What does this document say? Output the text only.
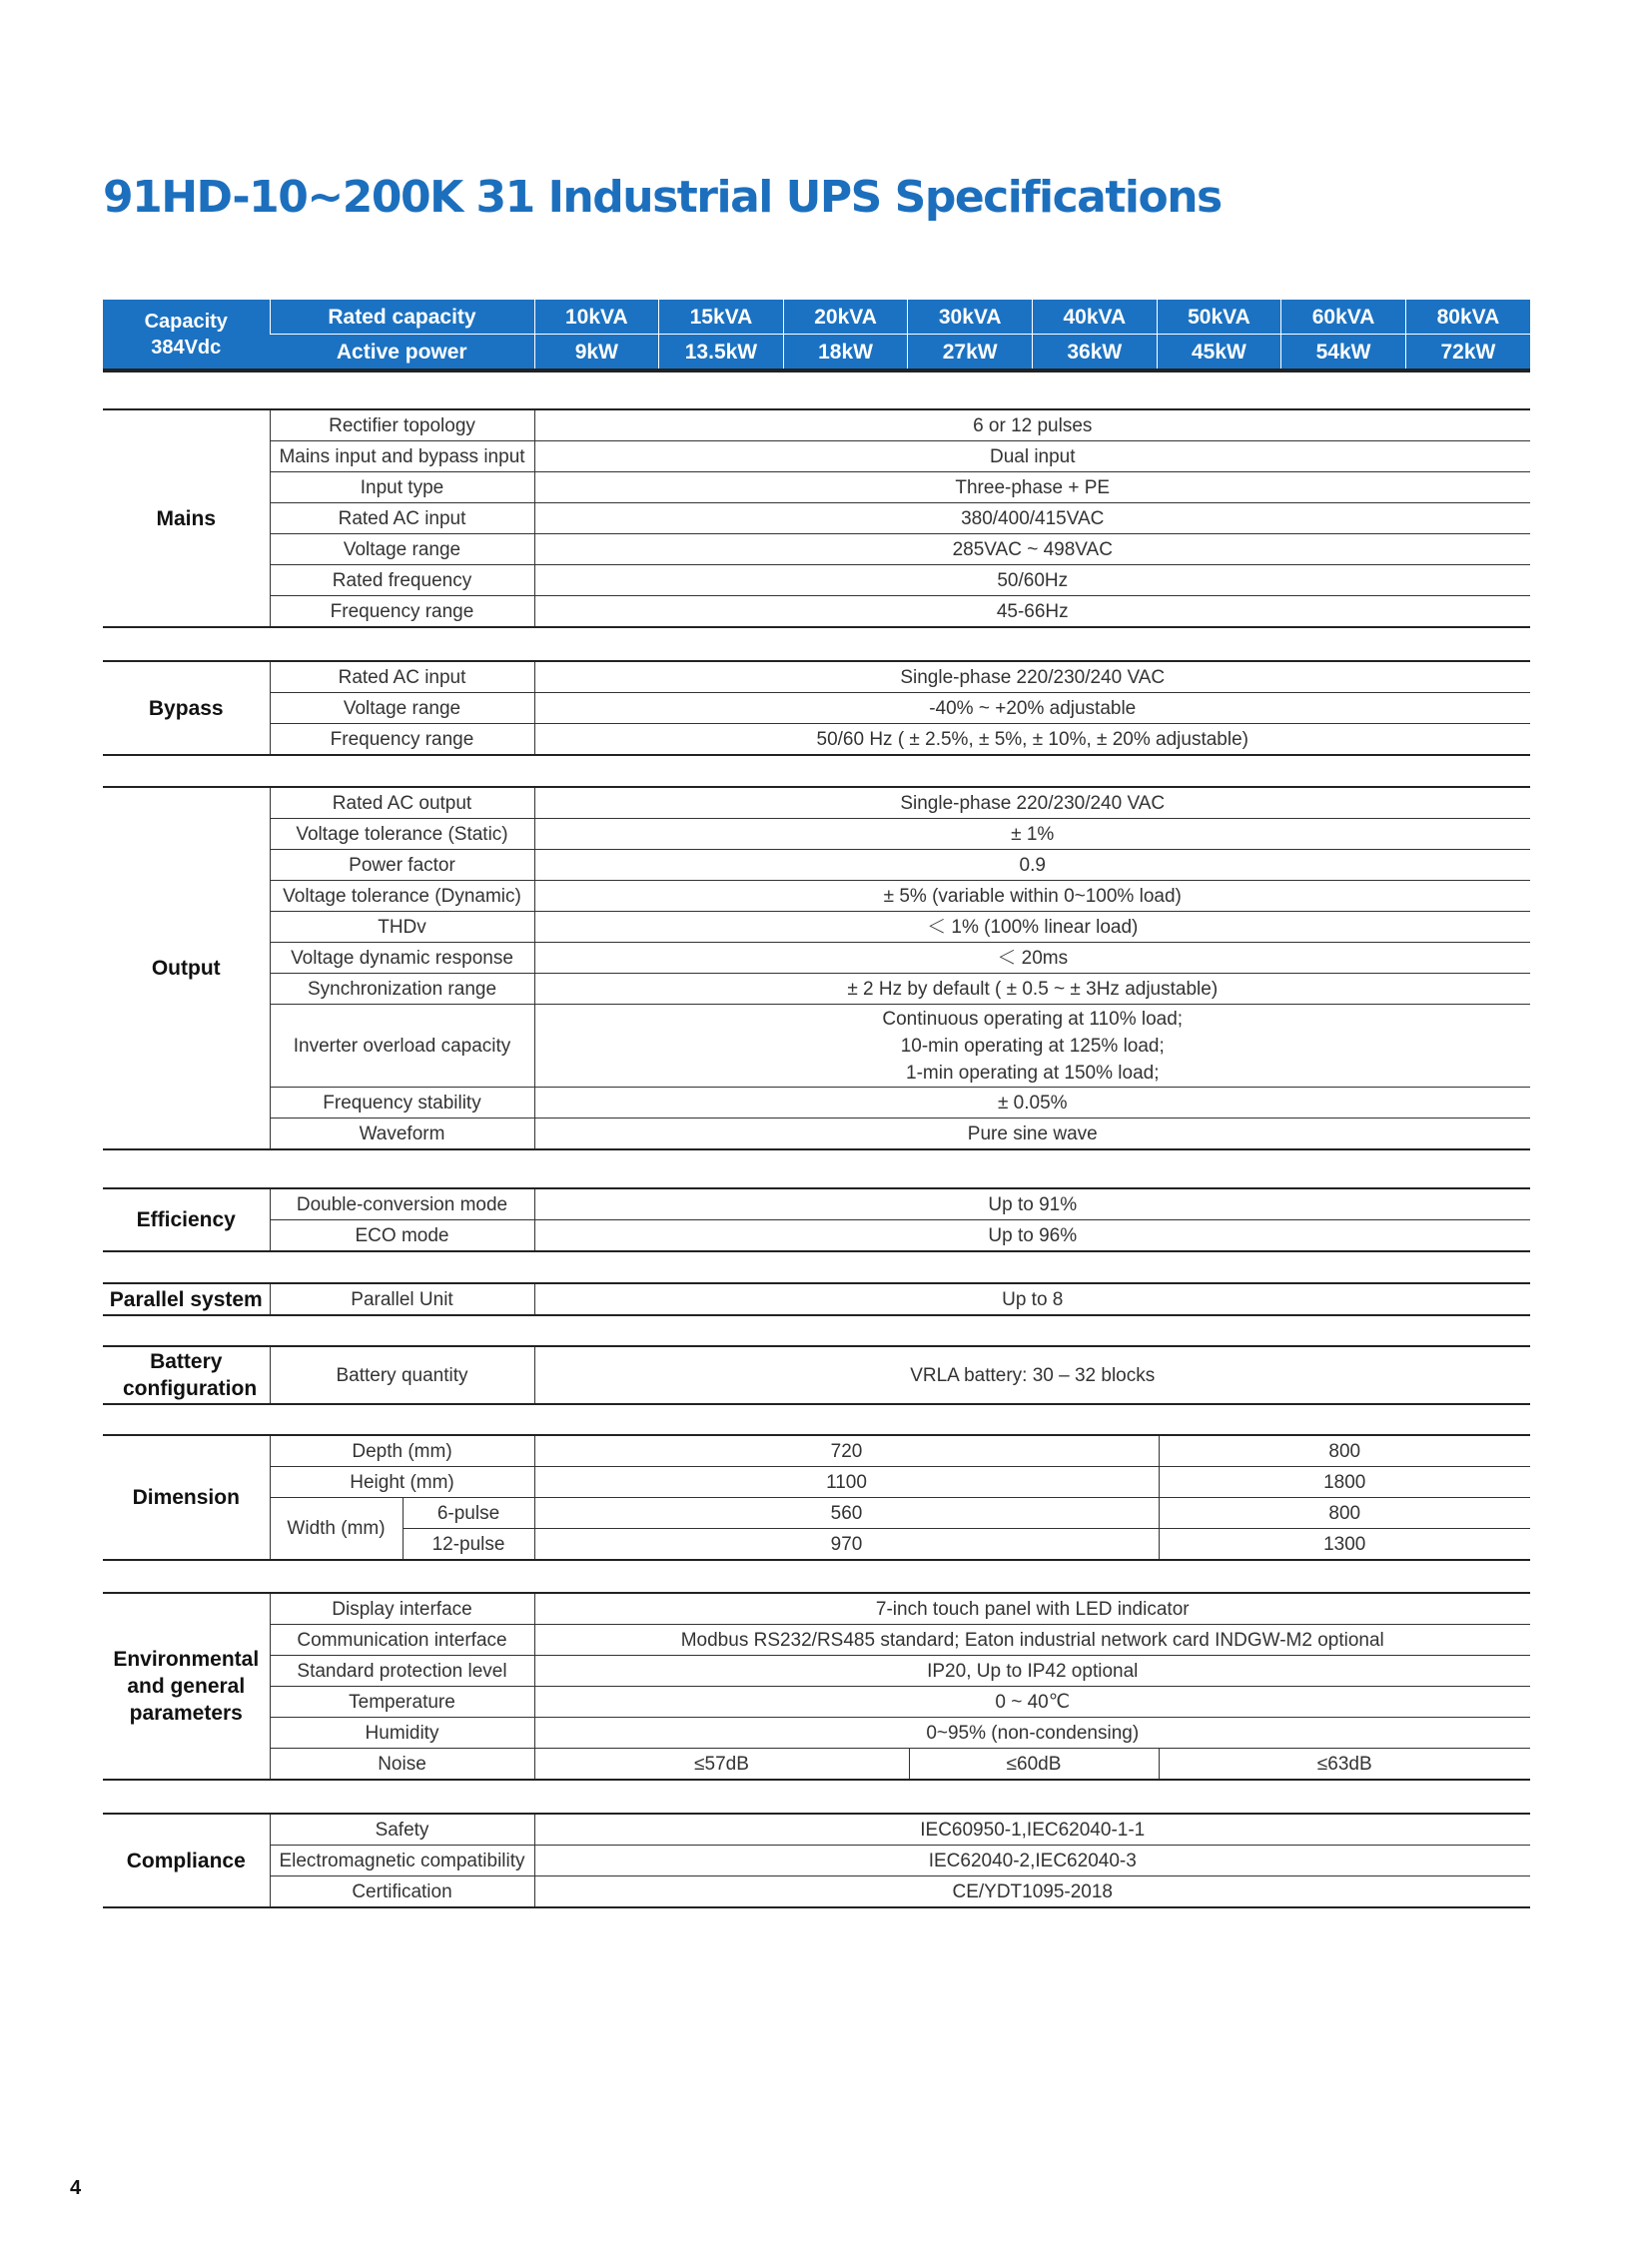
91HD-10~200K 31 Industrial UPS Specifications
Capacity
384Vdc	Rated capacity	10kVA	15kVA	20kVA	30kVA	40kVA	50kVA	60kVA	80kVA
	Active power	9kW	13.5kW	18kW	27kW	36kW	45kW	54kW	72kW
Mains	Rectifier topology	6 or 12 pulses
	Mains input and bypass input	Dual input
	Input type	Three-phase + PE
	Rated AC input	380/400/415VAC
	Voltage range	285VAC ~ 498VAC
	Rated frequency	50/60Hz
	Frequency range	45-66Hz
Bypass	Rated AC input	Single-phase 220/230/240 VAC
	Voltage range	-40% ~ +20% adjustable
	Frequency range	50/60 Hz ( ± 2.5%, ± 5%, ± 10%, ± 20% adjustable)
Output	Rated AC output	Single-phase 220/230/240 VAC
	Voltage tolerance (Static)	± 1%
	Power factor	0.9
	Voltage tolerance (Dynamic)	± 5% (variable within 0~100% load)
	THDv	＜ 1% (100% linear load)
	Voltage dynamic response	＜ 20ms
	Synchronization range	± 2 Hz by default ( ± 0.5 ~ ± 3Hz adjustable)
	Inverter overload capacity	Continuous operating at 110% load;
10-min operating at 125% load;
1-min operating at 150% load;

	Frequency stability	± 0.05%
	Waveform	Pure sine wave
Efficiency	Double-conversion mode	Up to 91%
	ECO mode	Up to 96%
Parallel system	Parallel Unit	Up to 8
Battery configuration	Battery quantity	VRLA battery: 30 – 32 blocks
Dimension	Depth (mm)		720	800
	Height (mm)		1100	1800
	Width (mm)	6-pulse	560	800
		12-pulse	970	1300
Environmental and general parameters	Display interface	7-inch touch panel with LED indicator		
	Communication interface	Modbus RS232/RS485 standard; Eaton industrial network card INDGW-M2 optional		
	Standard protection level	IP20, Up to IP42 optional		
	Temperature	0 ~ 40℃		
	Humidity	0~95% (non-condensing)		
	Noise	≤57dB	≤60dB	≤63dB
Compliance	Safety	IEC60950-1,IEC62040-1-1
	Electromagnetic compatibility	IEC62040-2,IEC62040-3
	Certification	CE/YDT1095-2018
4
